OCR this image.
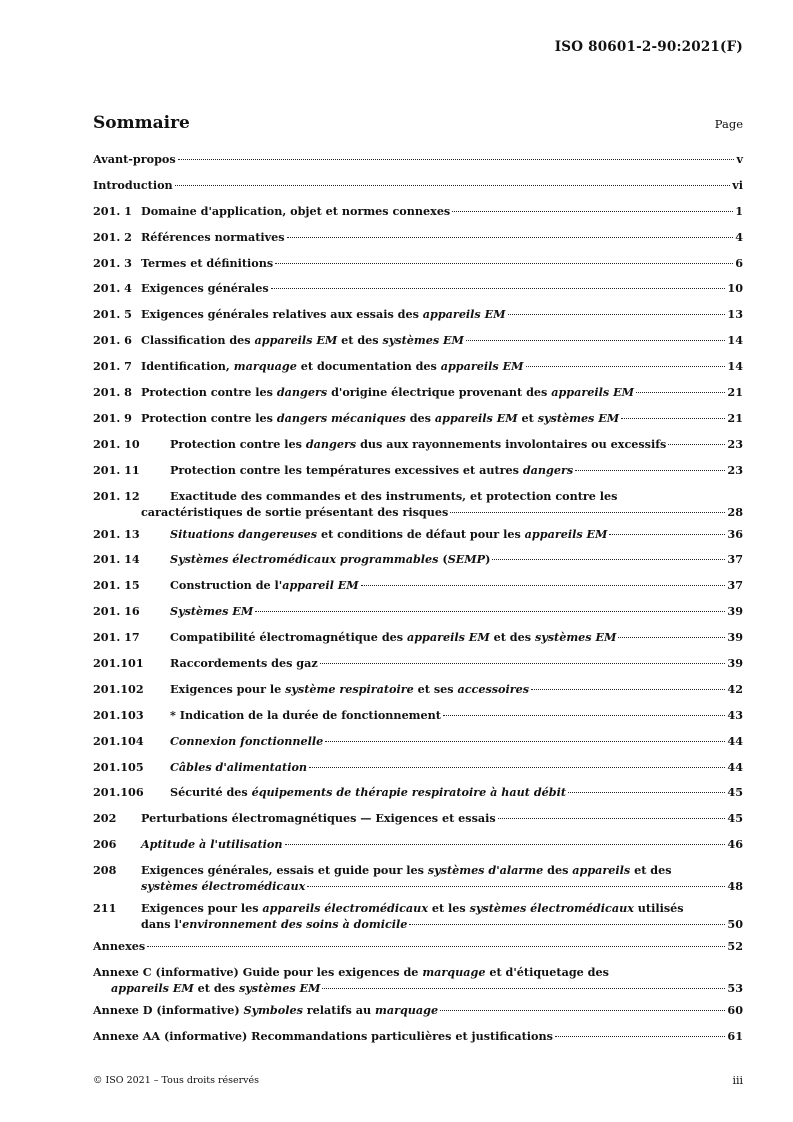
ISO 80601-2-90:2021(F)
Sommaire	Page
Avant-propos	v
Introduction	vi
201. 1 Domaine d'application, objet et normes connexes	1
201. 2 Références normatives	4
201. 3 Termes et définitions	6
201. 4 Exigences générales	10
201. 5 Exigences générales relatives aux essais des appareils EM	13
201. 6 Classification des appareils EM et des systèmes EM	14
201. 7 Identification, marquage et documentation des appareils EM	14
201. 8 Protection contre les dangers d'origine électrique provenant des appareils EM	21
201. 9 Protection contre les dangers mécaniques des appareils EM et systèmes EM	21
201. 10	Protection contre les dangers dus aux rayonnements involontaires ou excessifs	23
201. 11	Protection contre les températures excessives et autres dangers	23
201. 12	Exactitude des commandes et des instruments, et protection contre les
caractéristiques de sortie présentant des risques	28
201. 13	Situations dangereuses et conditions de défaut pour les appareils EM	36
201. 14	Systèmes électromédicaux programmables (SEMP)	37
201. 15	Construction de l'appareil EM	37
201. 16	Systèmes EM	39
201. 17	Compatibilité électromagnétique des appareils EM et des systèmes EM	39
201.101	Raccordements des gaz	39
201.102	Exigences pour le système respiratoire et ses accessoires	42
201.103	* Indication de la durée de fonctionnement	43
201.104	Connexion fonctionnelle	44
201.105	Câbles d'alimentation	44
201.106	Sécurité des équipements de thérapie respiratoire à haut débit	45
202	Perturbations électromagnétiques — Exigences et essais	45
206	Aptitude à l'utilisation	46
208	Exigences générales, essais et guide pour les systèmes d'alarme des appareils et des
systèmes électromédicaux	48
211	Exigences pour les appareils électromédicaux et les systèmes électromédicaux utilisés
dans l'environnement des soins à domicile	50
Annexes	52
Annexe C (informative) Guide pour les exigences de marquage et d'étiquetage des
appareils EM et des systèmes EM	53
Annexe D (informative) Symboles relatifs au marquage	60
Annexe AA (informative) Recommandations particulières et justifications	61
© ISO 2021 – Tous droits réservés	iii
